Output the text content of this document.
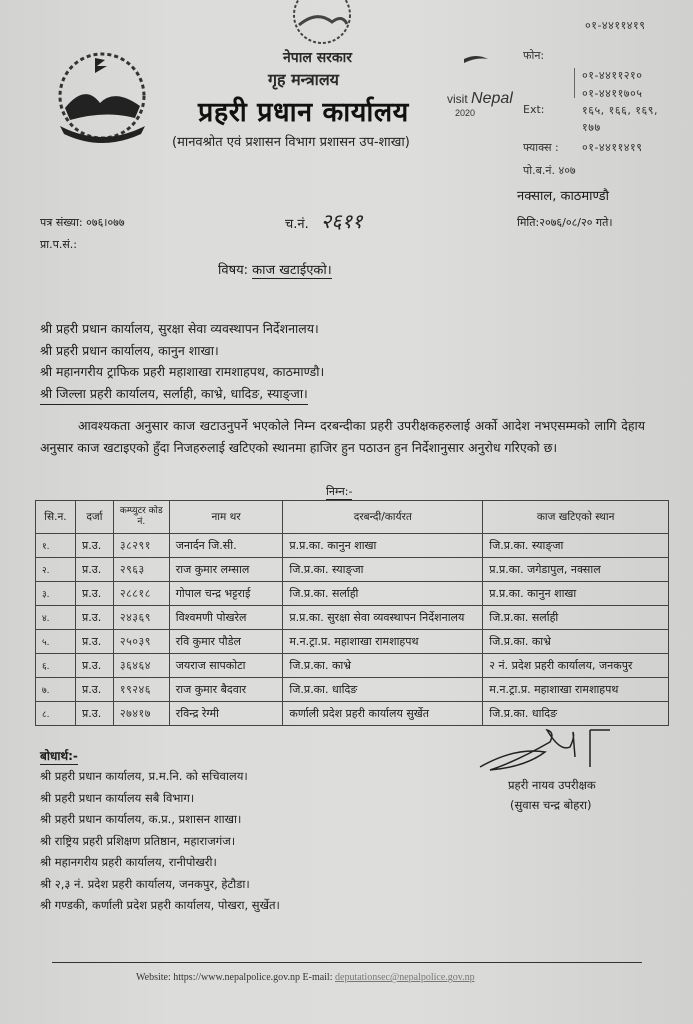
नेपाल सरकार
गृह मन्त्रालय
प्रहरी प्रधान कार्यालय
(मानवश्रोत एवं प्रशासन विभाग प्रशासन उप-शाखा)
visit Nepal
2020
०१-४४११४१९
फोन:
०१-४४११२१०
०१-४४११७०५
Ext:	१६५, १६६, १६९,
१७७
फ्याक्स : ०१-४४११४१९
पो.ब.नं. ४०७
नक्साल, काठमाण्डौ
पत्र संख्या: ०७६।०७७
प्रा.प.सं.:
च.नं. २६११	मिति:२०७६/०८/२० गते।
विषय: काज खटाईएको।
श्री प्रहरी प्रधान कार्यालय, सुरक्षा सेवा व्यवस्थापन निर्देशनालय।
श्री प्रहरी प्रधान कार्यालय, कानुन शाखा।
श्री महानगरीय ट्राफिक प्रहरी महाशाखा रामशाहपथ, काठमाण्डौ।
श्री जिल्ला प्रहरी कार्यालय, सर्लाही, काभ्रे, धादिङ, स्याङ्जा।
आवश्यकता अनुसार काज खटाउनुपर्ने भएकोले निम्न दरबन्दीका प्रहरी उपरीक्षकहरुलाई अर्को आदेश नभएसम्मको लागि देहाय अनुसार काज खटाइएको हुँदा निजहरुलाई खटिएको स्थानमा हाजिर हुन पठाउन हुन निर्देशानुसार अनुरोध गरिएको छ।
निम्न:-
सि.न.	दर्जा	कम्प्युटर कोड नं.	नाम थर	दरबन्दी/कार्यरत	काज खटिएको स्थान
१.	प्र.उ.	३८२९१	जनार्दन जि.सी.	प्र.प्र.का. कानुन शाखा	जि.प्र.का. स्याङ्जा
२.	प्र.उ.	२९६३	राज कुमार लम्साल	जि.प्र.का. स्याङ्जा	प्र.प्र.का. जगेडापुल, नक्साल
३.	प्र.उ.	२८८१८	गोपाल चन्द्र भट्टराई	जि.प्र.का. सर्लाही	प्र.प्र.का. कानुन शाखा
४.	प्र.उ.	२४३६९	विश्वमणी पोखरेल	प्र.प्र.का. सुरक्षा सेवा व्यवस्थापन निर्देशनालय	जि.प्र.का. सर्लाही
५.	प्र.उ.	२५०३९	रवि कुमार पौडेल	म.न.ट्रा.प्र. महाशाखा रामशाहपथ	जि.प्र.का. काभ्रे
६.	प्र.उ.	३६४६४	जयराज सापकोटा	जि.प्र.का. काभ्रे	२ नं. प्रदेश प्रहरी कार्यालय, जनकपुर
७.	प्र.उ.	१९२४६	राज कुमार बैदवार	जि.प्र.का. धादिङ	म.न.ट्रा.प्र. महाशाखा रामशाहपथ
८.	प्र.उ.	२७४१७	रविन्द्र रेग्मी	कर्णाली प्रदेश प्रहरी कार्यालय सुर्खेत	जि.प्र.का. धादिङ
बोधार्थ:-
श्री प्रहरी प्रधान कार्यालय, प्र.म.नि. को सचिवालय।
श्री प्रहरी प्रधान कार्यालय सबै विभाग।
श्री प्रहरी प्रधान कार्यालय, क.प्र., प्रशासन शाखा।
श्री राष्ट्रिय प्रहरी प्रशिक्षण प्रतिष्ठान, महाराजगंज।
श्री महानगरीय प्रहरी कार्यालय, रानीपोखरी।
श्री २,३ नं. प्रदेश प्रहरी कार्यालय, जनकपुर, हेटौडा।
श्री गण्डकी, कर्णाली प्रदेश प्रहरी कार्यालय, पोखरा, सुर्खेत।
प्रहरी नायव उपरीक्षक
(सुवास चन्द्र बोहरा)
Website: https://www.nepalpolice.gov.np E-mail: deputationsec@nepalpolice.gov.np
